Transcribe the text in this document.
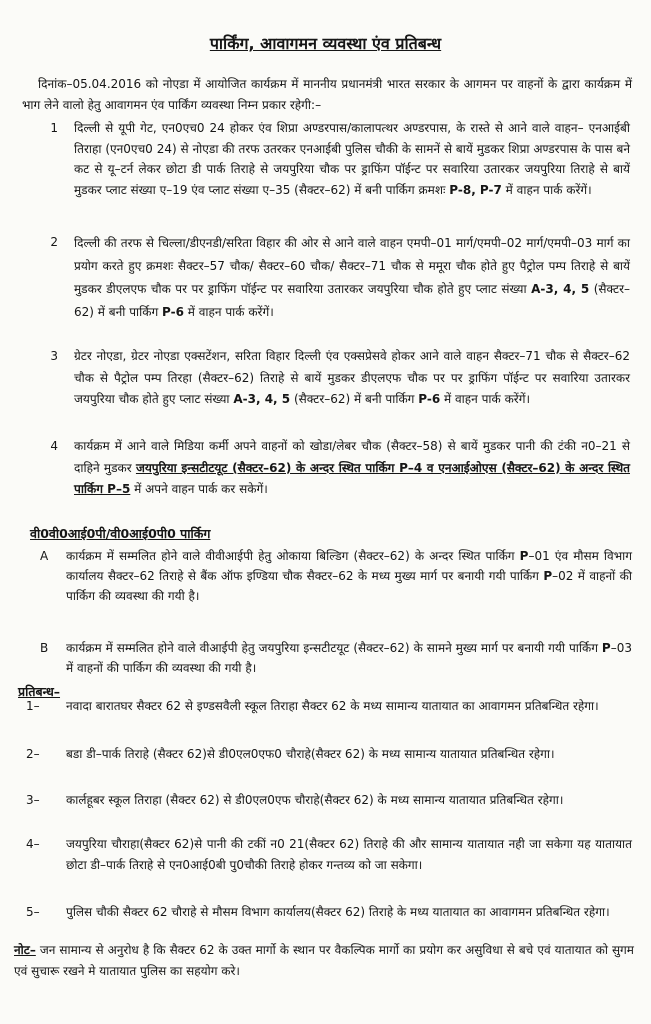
पार्किंग, आवागमन व्यवस्था एंव प्रतिबन्ध
दिनांक–05.04.2016 को नोएडा में आयोजित कार्यक्रम में माननीय प्रधानमंत्री भारत सरकार के आगमन पर वाहनों के द्वारा कार्यक्रम में भाग लेने वालो हेतु आवागमन एंव पार्किंग व्यवस्था निम्न प्रकार रहेगी:–
1 दिल्ली से यूपी गेट, एन0एच0 24 होकर एंव शिप्रा अण्डरपास/कालापत्थर अण्डरपास, के रास्ते से आने वाले वाहन– एनआईबी तिराहा (एन0एच0 24) से नोएडा की तरफ उतरकर एनआईबी पुलिस चौकी के सामनें से बायें मुडकर शिप्रा अण्डरपास के पास बने कट से यू–टर्न लेकर छोटा डी पार्क तिराहे से जयपुरिया चौक पर ड्राफिंग पॉईन्ट पर सवारिया उतारकर जयपुरिया तिराहे से बायें मुडकर प्लाट संख्या ए–19 एंव प्लाट संख्या ए–35 (सैक्टर–62) में बनी पार्किग क्रमशः P-8, P-7 में वाहन पार्क करेंगें।
2 दिल्ली की तरफ से चिल्ला/डीएनडी/सरिता विहार की ओर से आने वाले वाहन एमपी–01 मार्ग/एमपी–02 मार्ग/एमपी–03 मार्ग का प्रयोग करते हुए क्रमशः सैक्टर–57 चौक/ सैक्टर–60 चौक/ सैक्टर–71 चौक से ममूरा चौक होते हुए पैट्रोल पम्प तिराहे से बायें मुडकर डीएलएफ चौक पर पर ड्राफिंग पॉईन्ट पर सवारिया उतारकर जयपुरिया चौक होते हुए प्लाट संख्या A-3, 4, 5 (सैक्टर–62) में बनी पार्किग P-6 में वाहन पार्क करेंगें।
3 ग्रेटर नोएडा, ग्रेटर नोएडा एक्सटेंशन, सरिता विहार दिल्ली एंव एक्सप्रेसवे होकर आने वाले वाहन सैक्टर–71 चौक से सैक्टर–62 चौक से पैट्रोल पम्प तिरहा (सैक्टर–62) तिराहे से बायें मुडकर डीएलएफ चौक पर पर ड्राफिंग पॉईन्ट पर सवारिया उतारकर जयपुरिया चौक होते हुए प्लाट संख्या A-3, 4, 5 (सैक्टर–62) में बनी पार्किग P-6 में वाहन पार्क करेंगें।
4 कार्यक्रम में आने वाले मिडिया कर्मी अपने वाहनों को खोडा/लेबर चौक (सैक्टर–58) से बायें मुडकर पानी की टंकी न0–21 से दाहिने मुडकर जयपुरिया इन्सटीटयूट (सैक्टर–62) के अन्दर स्थित पार्किग P–4 व एनआईओएस (सैक्टर–62) के अन्दर स्थित पार्किग P–5 में अपने वाहन पार्क कर सकेगें।
वी0वी0आई0पी/वी0आई0पी0 पार्किग
A	कार्यक्रम में सम्मलित होने वाले वीवीआईपी हेतु ओकाया बिल्डिग (सैक्टर–62) के अन्दर स्थित पार्किग P–01 एंव मौसम विभाग कार्यालय सैक्टर–62 तिराहे से बैंक ऑफ इण्डिया चौक सैक्टर–62 के मध्य मुख्य मार्ग पर बनायी गयी पार्किग P–02 में वाहनों की पार्किग की व्यवस्था की गयी है।
B	कार्यक्रम में सम्मलित होने वाले वीआईपी हेतु जयपुरिया इन्सटीटयूट (सैक्टर–62) के सामने मुख्य मार्ग पर बनायी गयी पार्किग P–03 में वाहनों की पार्किग की व्यवस्था की गयी है।
प्रतिबन्ध–
1–	नवादा बारातघर सैक्टर 62 से इण्डसवैली स्कूल तिराहा सैक्टर 62 के मध्य सामान्य यातायात का आवागमन प्रतिबन्धित रहेगा।
2–	बडा डी–पार्क तिराहे (सैक्टर 62)से डी0एल0एफ0 चौराहे(सैक्टर 62) के मध्य सामान्य यातायात प्रतिबन्धित रहेगा।
3–	कार्लहूबर स्कूल तिराहा (सैक्टर 62) से डी0एल0एफ चौराहे(सैक्टर 62) के मध्य सामान्य यातायात प्रतिबन्धित रहेगा।
4–	जयपुरिया चौराहा(सैक्टर 62)से पानी की टकीं न0 21(सैक्टर 62) तिराहे की और सामान्य यातायात नही जा सकेगा यह यातायात छोटा डी–पार्क तिराहे से एन0आई0बी पु0चौकी तिराहे होकर गन्तव्य को जा सकेगा।
5–	पुलिस चौकी सैक्टर 62 चौराहे से मौसम विभाग कार्यालय(सैक्टर 62) तिराहे के मध्य यातायात का आवागमन प्रतिबन्धित रहेगा।
नोट– जन सामान्य से अनुरोध है कि सैक्टर 62 के उक्त मार्गो के स्थान पर वैकल्पिक मार्गो का प्रयोग कर असुविधा से बचे एवं यातायात को सुगम एवं सुचारू रखने मे यातायात पुलिस का सहयोग करे।
